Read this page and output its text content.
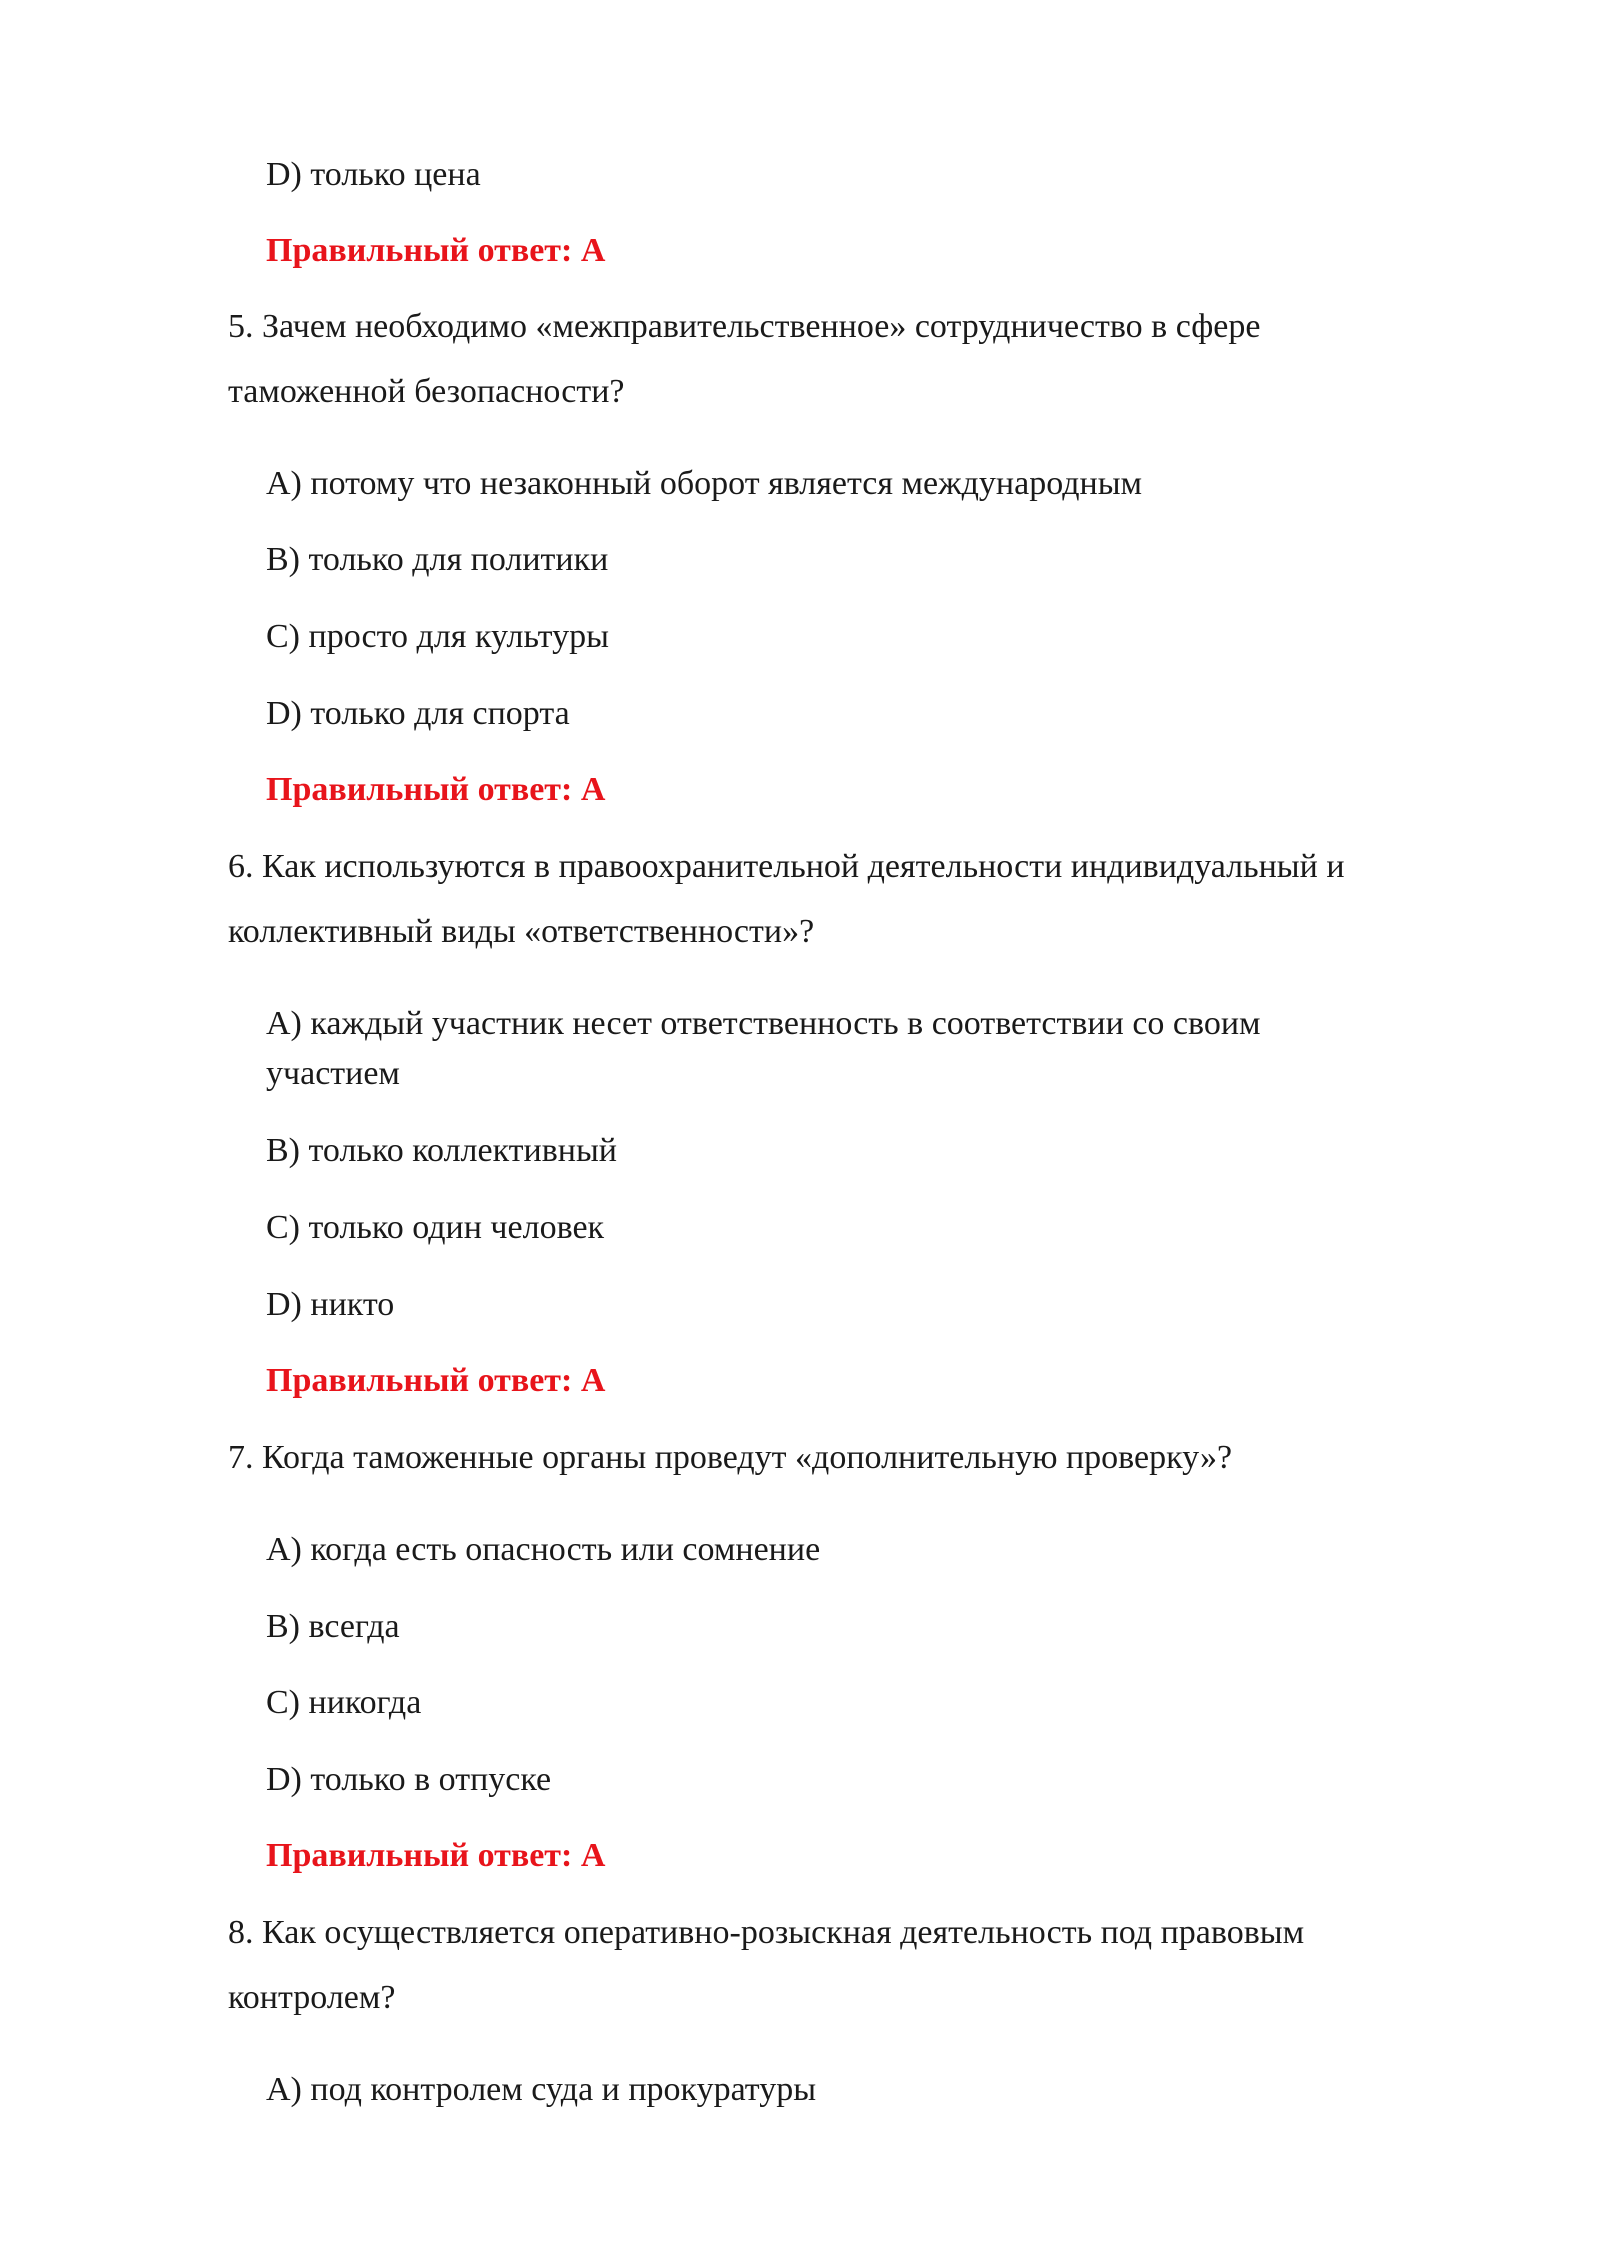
D) только цена
Правильный ответ: А
5. Зачем необходимо «межправительственное» сотрудничество в сфере
таможенной безопасности?
A) потому что незаконный оборот является международным
B) только для политики
C) просто для культуры
D) только для спорта
Правильный ответ: А
6. Как используются в правоохранительной деятельности индивидуальный и
коллективный виды «ответственности»?
A) каждый участник несет ответственность в соответствии со своим
участием
B) только коллективный
C) только один человек
D) никто
Правильный ответ: А
7. Когда таможенные органы проведут «дополнительную проверку»?
A) когда есть опасность или сомнение
B) всегда
C) никогда
D) только в отпуске
Правильный ответ: А
8. Как осуществляется оперативно-розыскная деятельность под правовым
контролем?
A) под контролем суда и прокуратуры
